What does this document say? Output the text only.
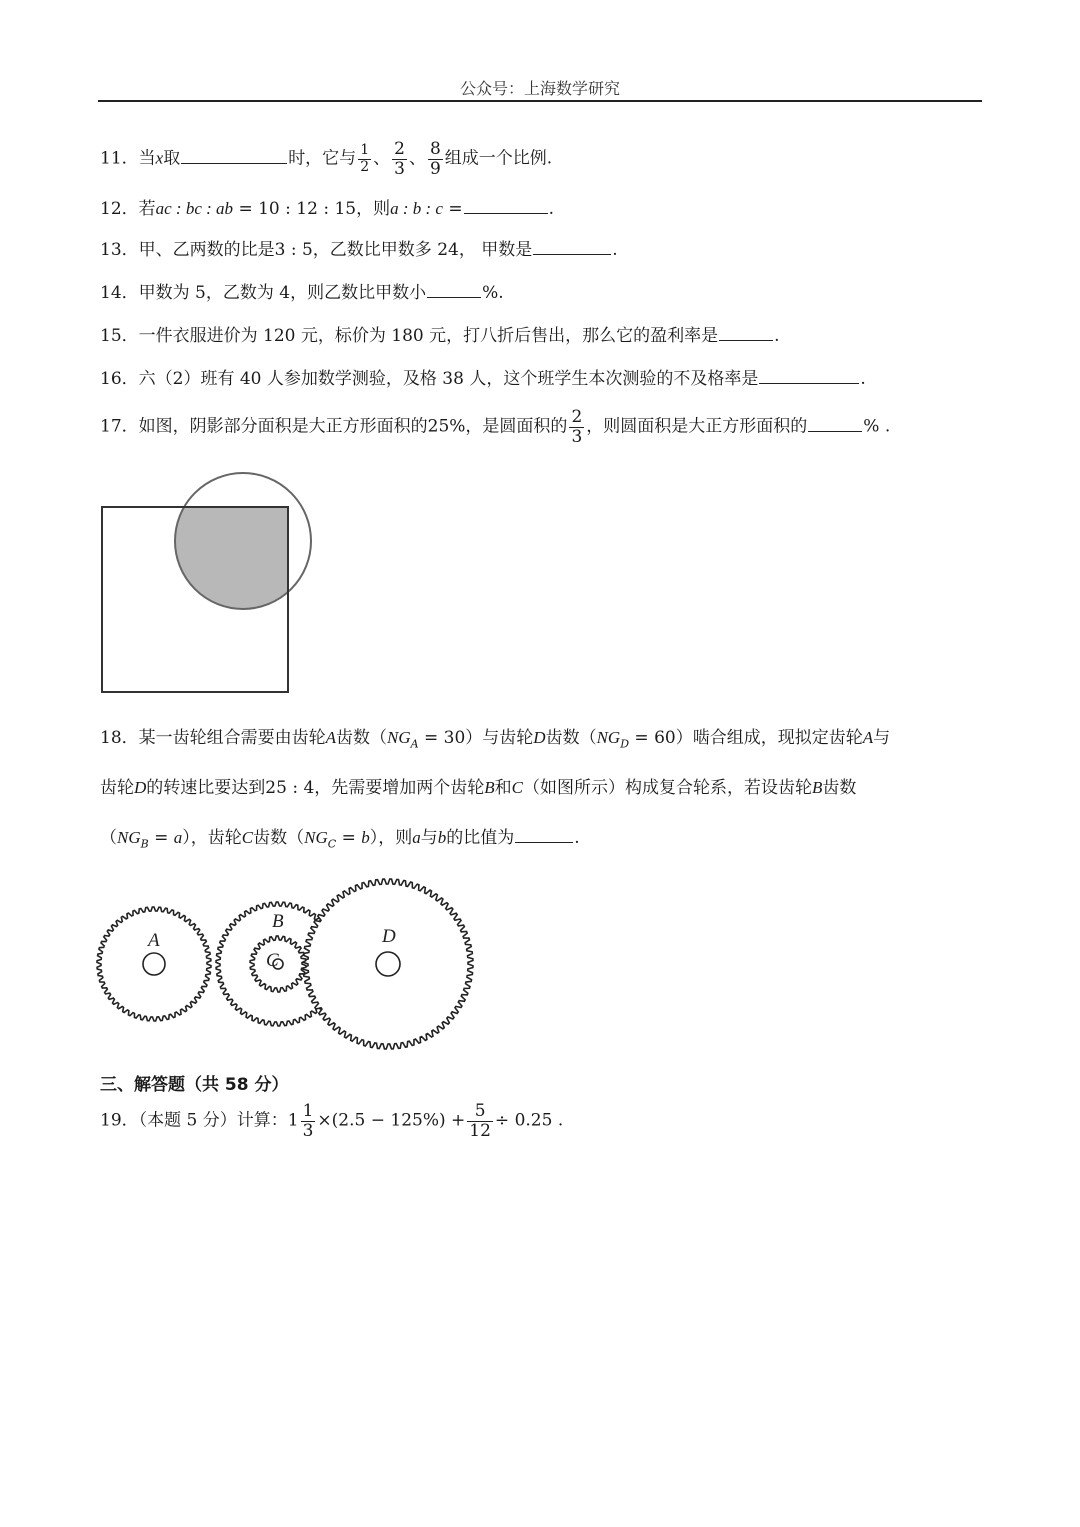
公众号：上海数学研究
11．当x取	时，它与 $\frac{1}{2}$ 、 $\frac{2}{3}$ 、 $\frac{8}{9}$ 组成一个比例.
12．若ac : bc : ab = 10 : 12 : 15，则a : b : c =	.
13．甲、乙两数的比是3 : 5，乙数比甲数多 24， 甲数是	.
14．甲数为 5，乙数为 4，则乙数比甲数小	%.
15．一件衣服进价为 120 元，标价为 180 元，打八折后售出，那么它的盈利率是	.
16．六（2）班有 40 人参加数学测验，及格 38 人，这个班学生本次测验的不及格率是	.
17．如图，阴影部分面积是大正方形面积的25%，是圆面积的 $\frac{2}{3}$ ，则圆面积是大正方形面积的	% .
18．某一齿轮组合需要由齿轮A齿数$(NG_A = 30)$与齿轮D齿数$(NG_D = 60)$啮合组成，现拟定齿轮A与
齿轮D的转速比要达到25 : 4，先需要增加两个齿轮B和C（如图所示）构成复合轮系，若设齿轮B齿数
$(NG_B = a)$，齿轮C齿数$(NG_C = b)$，则a与b的比值为	.
A
B
D
C
三、解答题（共 58 分）
19．（本题 5 分）计算：$1 \frac{1}{3} \times(2.5 - 125\%) + \frac{5}{12} \div 0.25$ .
